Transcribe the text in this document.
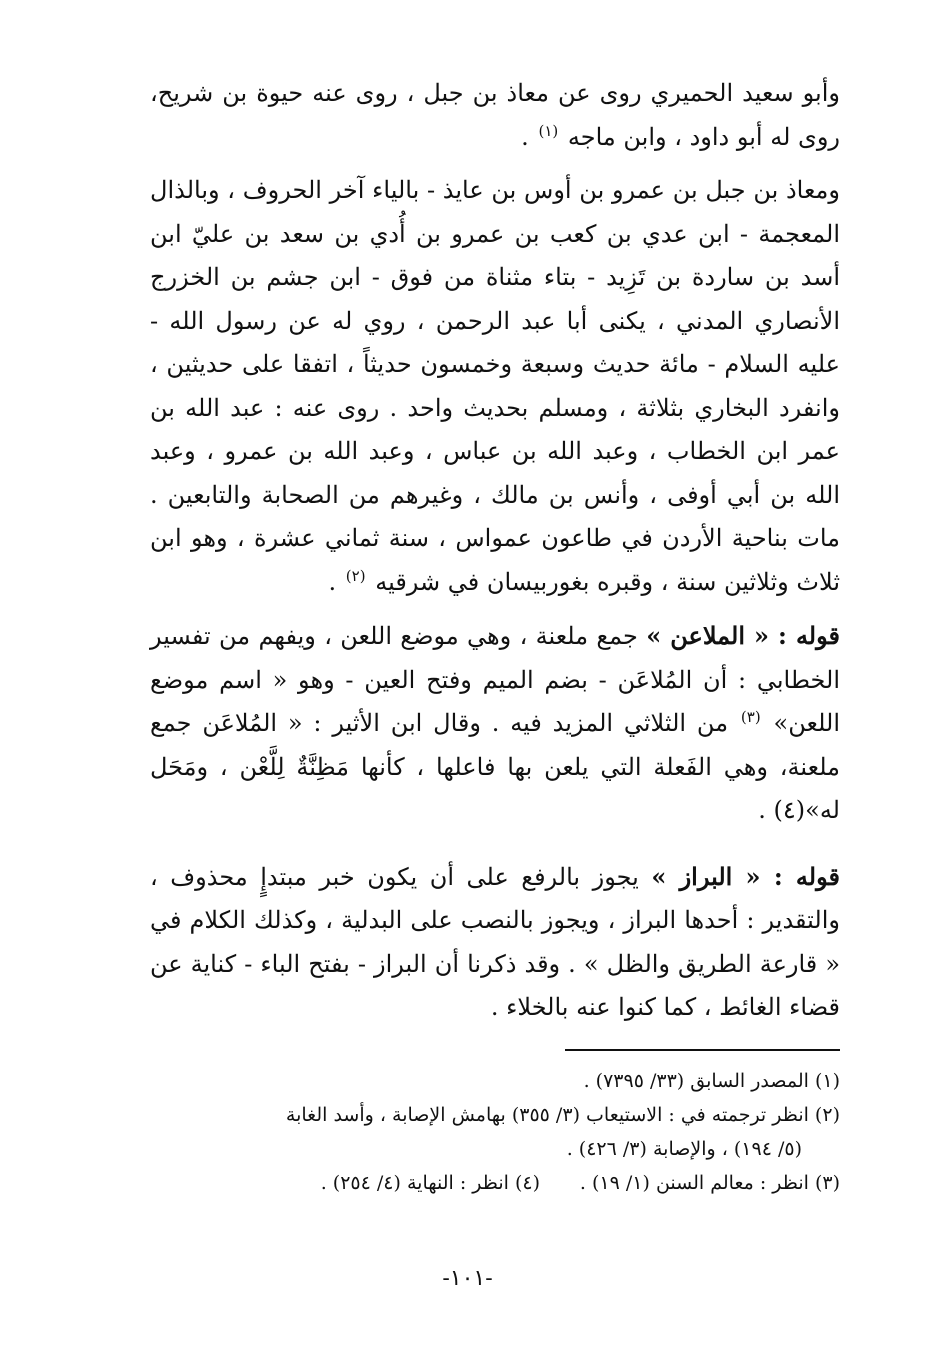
وأبو سعيد الحميري روى عن معاذ بن جبل ، روى عنه حيوة بن شريح، روى له أبو داود ، وابن ماجه $^{(١)}$ .

ومعاذ بن جبل بن عمرو بن أوس بن عايذ - بالياء آخر الحروف ، وبالذال المعجمة - ابن عدي بن كعب بن عمرو بن أُدي بن سعد بن عليّ ابن أسد بن ساردة بن تَزِيد - بتاء مثناة من فوق - ابن جشم بن الخزرج الأنصاري المدني ، يكنى أبا عبد الرحمن ، روي له عن رسول الله - عليه السلام - مائة حديث وسبعة وخمسون حديثاً ، اتفقا على حديثين ، وانفرد البخاري بثلاثة ، ومسلم بحديث واحد . روى عنه : عبد الله بن عمر ابن الخطاب ، وعبد الله بن عباس ، وعبد الله بن عمرو ، وعبد الله بن أبي أوفى ، وأنس بن مالك ، وغيرهم من الصحابة والتابعين . مات بناحية الأردن في طاعون عمواس ، سنة ثماني عشرة ، وهو ابن ثلاث وثلاثين سنة ، وقبره بغوربيسان في شرقيه $^{(٢)}$ .

قوله : « الملاعن » جمع ملعنة ، وهي موضع اللعن ، ويفهم من تفسير الخطابي : أن المُلاعَن - بضم الميم وفتح العين - وهو « اسم موضع اللعن» $^{(٣)}$ من الثلاثي المزيد فيه . وقال ابن الأثير : « المُلاعَن جمع ملعنة، وهي الفَعلة التي يلعن بها فاعلها ، كأنها مَظِنَّةٌ لِلَّعْن ، ومَحَل له»(٤) .

قوله : « البراز » يجوز بالرفع على أن يكون خبر مبتدإٍ محذوف ، والتقدير : أحدها البراز ، ويجوز بالنصب على البدلية ، وكذلك الكلام في « قارعة الطريق والظل » . وقد ذكرنا أن البراز - بفتح الباء - كناية عن قضاء الغائط ، كما كنوا عنه بالخلاء .

(١) المصدر السابق (٣٣/ ٧٣٩٥) .

(٢) انظر ترجمته في : الاستيعاب (٣/ ٣٥٥) بهامش الإصابة ، وأسد الغابة

(٥/ ١٩٤) ، والإصابة (٣/ ٤٢٦) .

(٣) انظر : معالم السنن (١/ ١٩) .
(٤) انظر : النهاية (٤/ ٢٥٤) .
-١٠١-
